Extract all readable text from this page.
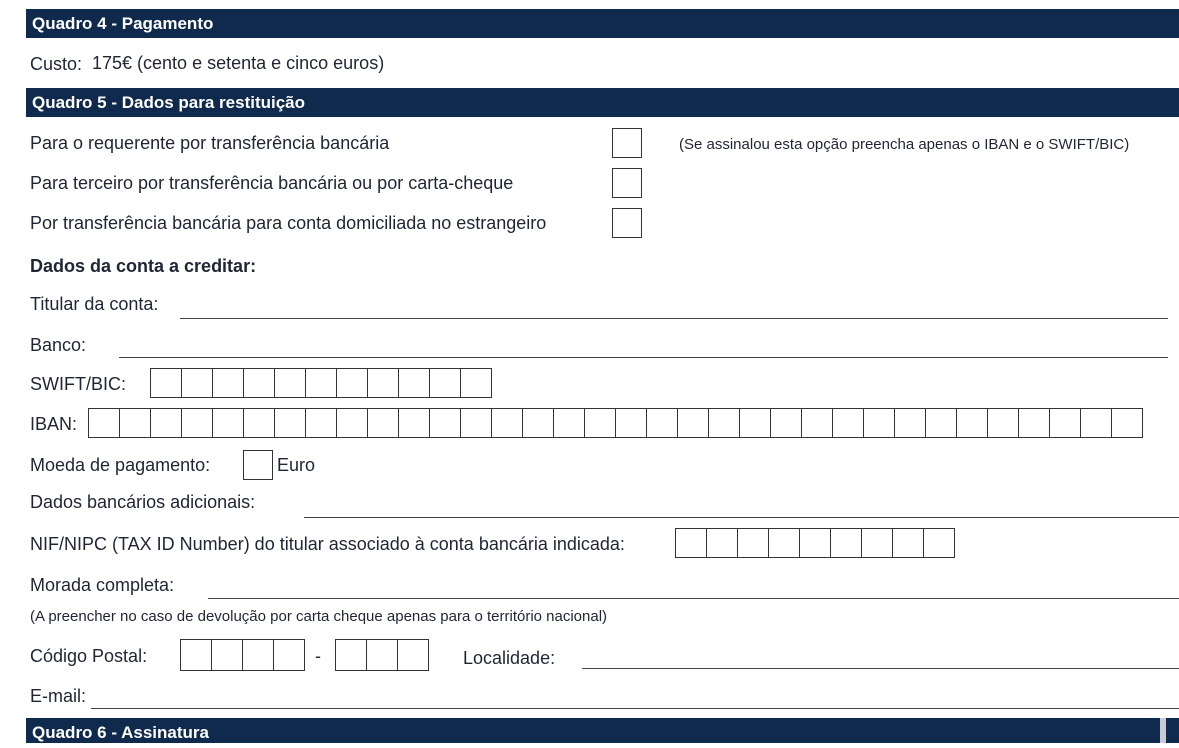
Quadro 4 - Pagamento
Custo: 175€ (cento e setenta e cinco euros)
Quadro 5 - Dados para restituição
Para o requerente por transferência bancária	(Se assinalou esta opção preencha apenas o IBAN e o SWIFT/BIC)
Para terceiro por transferência bancária ou por carta-cheque
Por transferência bancária para conta domiciliada no estrangeiro
Dados da conta a creditar:
Titular da conta:
Banco:
SWIFT/BIC:
IBAN:
Moeda de pagamento:	Euro
Dados bancários adicionais:
NIF/NIPC (TAX ID Number) do titular associado à conta bancária indicada:
Morada completa:
(A preencher no caso de devolução por carta cheque apenas para o território nacional)
Código Postal:	-	Localidade:
E-mail:
Quadro 6 - Assinatura
